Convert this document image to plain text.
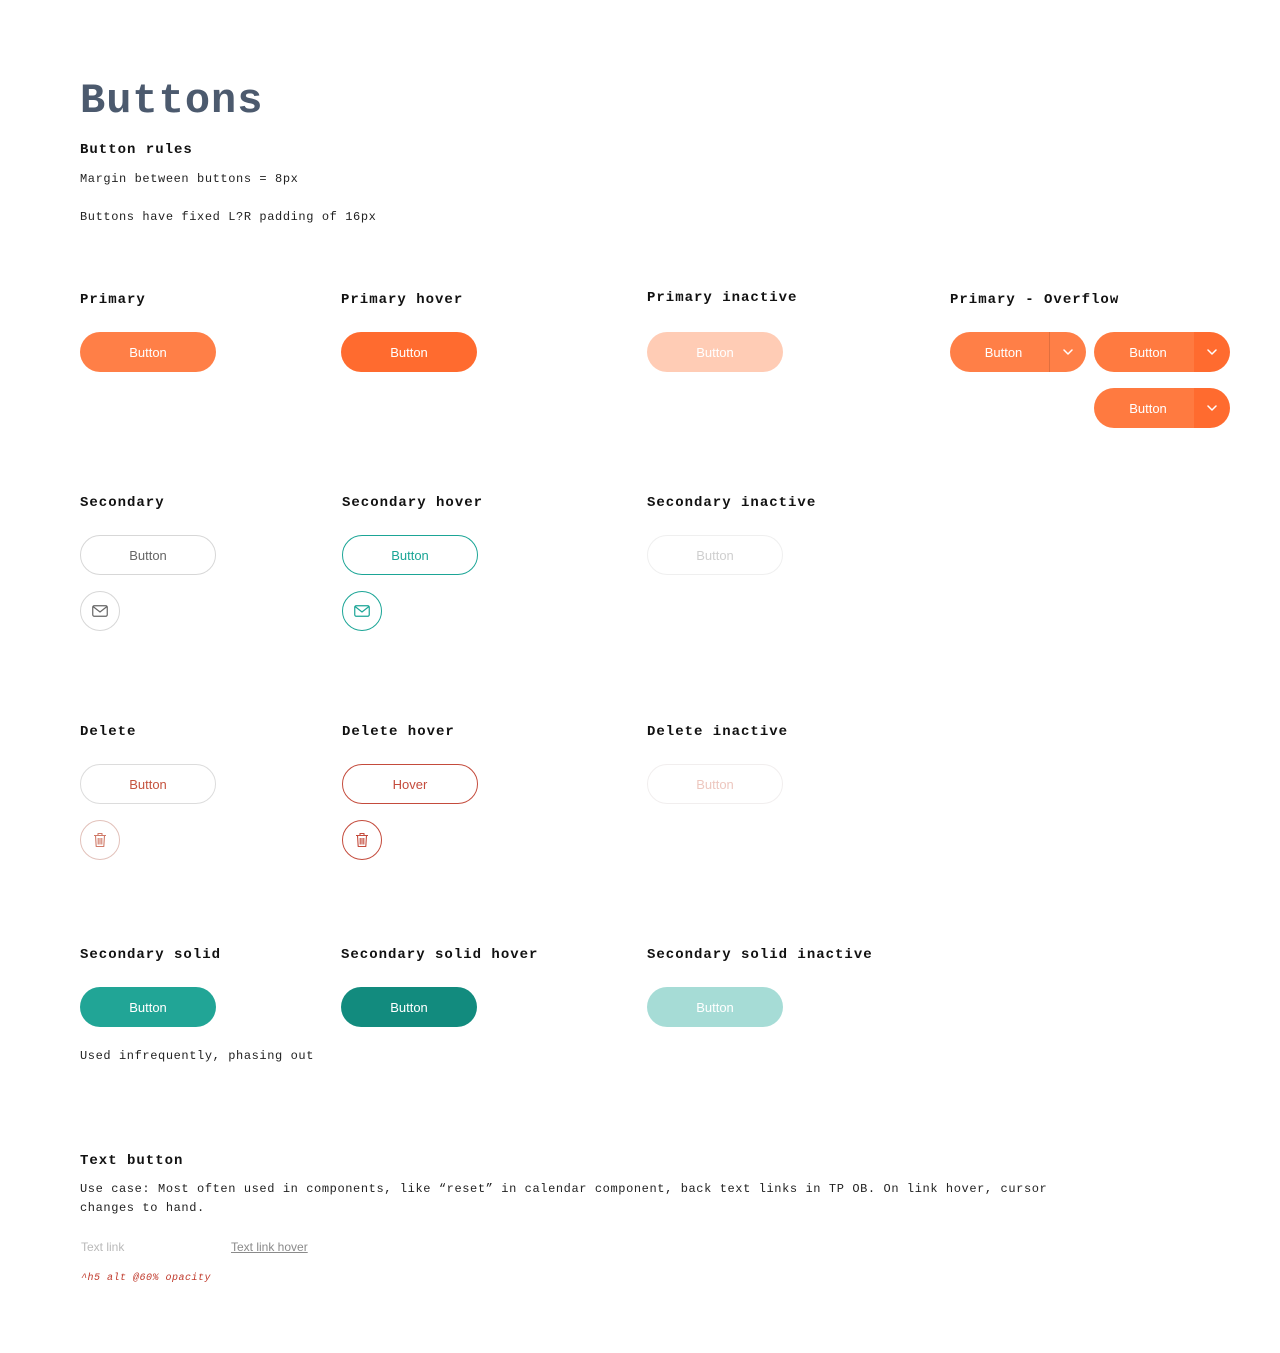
Buttons
Button rules
Margin between buttons = 8px
Buttons have fixed L?R padding of 16px
Primary	Primary hover	Primary inactive	Primary - Overflow
Button	Button	Button	Button	Button
Button
Secondary	Secondary hover	Secondary inactive
Button	Button	Button
Delete	Delete hover	Delete inactive
Button	Hover	Button
Secondary solid	Secondary solid hover	Secondary solid inactive
Button	Button	Button
Used infrequently, phasing out
Text button
Use case: Most often used in components, like “reset” in calendar component, back text links in TP OB. On link hover, cursor
changes to hand.
Text link	Text link hover
^h5 alt @60% opacity
